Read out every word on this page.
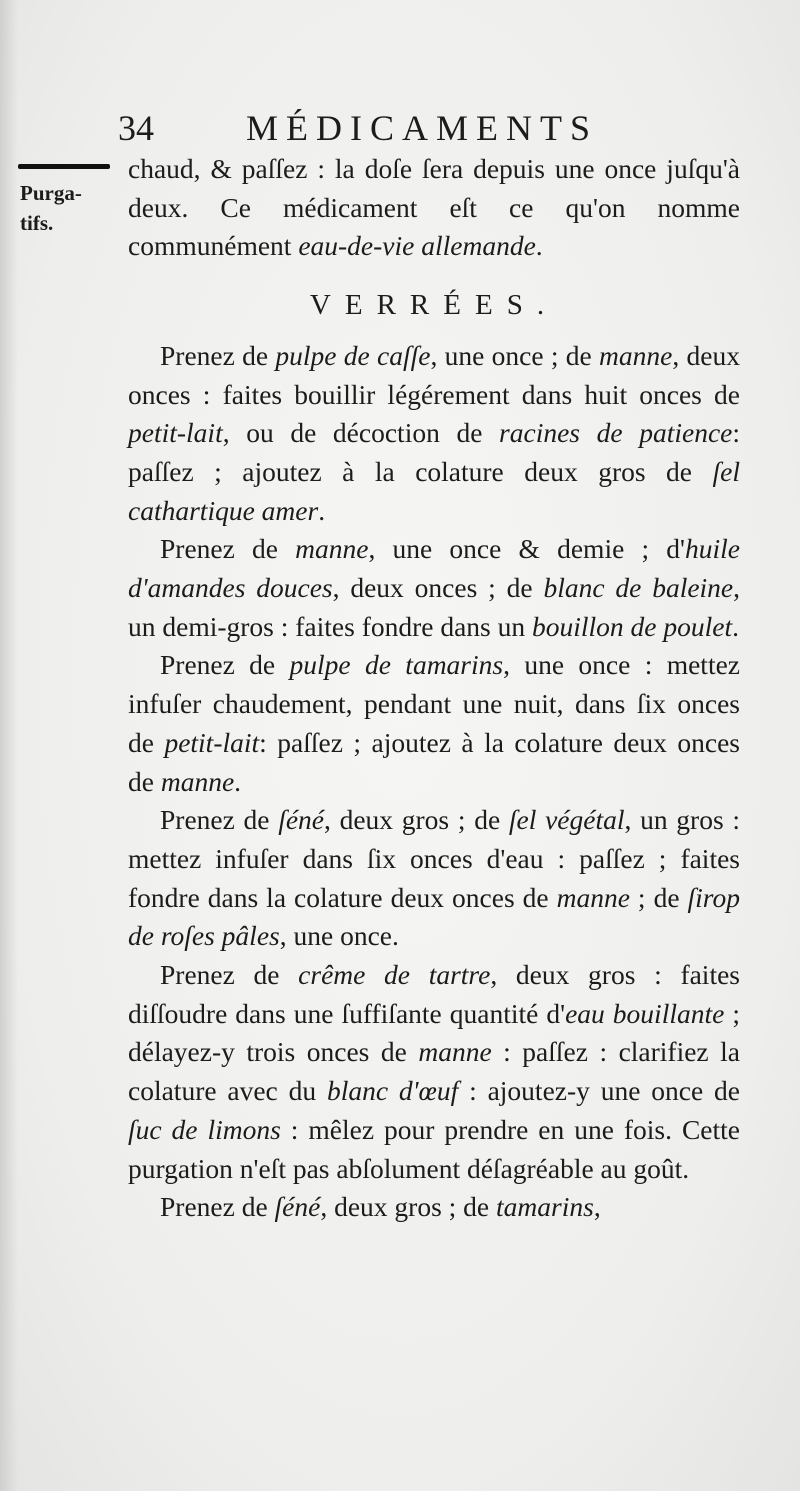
34	MÉDICAMENTS
Purga-
tifs.

chaud, & paſſez : la doſe ſera depuis une once juſqu'à deux. Ce médicament eſt ce qu'on nomme communément eau-de-vie allemande.

VERRÉES.

Prenez de pulpe de caſſe, une once ; de manne, deux onces : faites bouillir légérement dans huit onces de petit-lait, ou de décoction de racines de patience: paſſez ; ajoutez à la colature deux gros de ſel cathartique amer.

Prenez de manne, une once & demie ; d'huile d'amandes douces, deux onces ; de blanc de baleine, un demi-gros : faites fondre dans un bouillon de poulet.

Prenez de pulpe de tamarins, une once : mettez infuſer chaudement, pendant une nuit, dans ſix onces de petit-lait: paſſez ; ajoutez à la colature deux onces de manne.

Prenez de ſéné, deux gros ; de ſel végétal, un gros : mettez infuſer dans ſix onces d'eau : paſſez ; faites fondre dans la colature deux onces de manne ; de ſirop de roſes pâles, une once.

Prenez de crême de tartre, deux gros : faites diſſoudre dans une ſuffiſante quantité d'eau bouillante ; délayez-y trois onces de manne : paſſez : clarifiez la colature avec du blanc d'œuf : ajoutez-y une once de ſuc de limons : mêlez pour prendre en une fois. Cette purgation n'eſt pas abſolument déſagréable au goût.

Prenez de ſéné, deux gros ; de tamarins,
